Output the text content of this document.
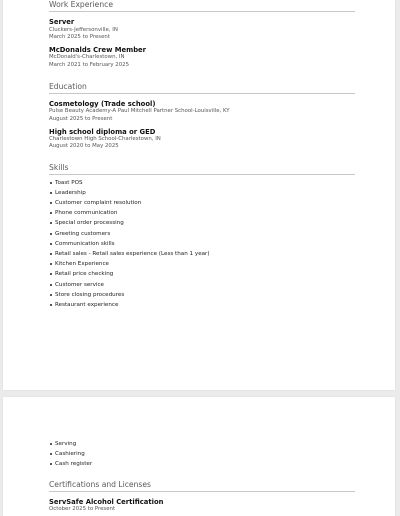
Work Experience
Server
Cluckers-Jeffersonville, IN
March 2025 to Present
McDonalds Crew Member
McDonald's-Charlestown, IN
March 2021 to February 2025
Education
Cosmetology (Trade school)
Pulse Beauty Academy-A Paul Mitchell Partner School-Louisville, KY
August 2025 to Present
High school diploma or GED
Charlestown High School-Charlestown, IN
August 2020 to May 2025
Skills
Toast POS
Leadership
Customer complaint resolution
Phone communication
Special order processing
Greeting customers
Communication skills
Retail sales - Retail sales experience (Less than 1 year)
Kitchen Experience
Retail price checking
Customer service
Store closing procedures
Restaurant experience
Serving
Cashiering
Cash register
Certifications and Licenses
ServSafe Alcohol Certification
October 2025 to Present
